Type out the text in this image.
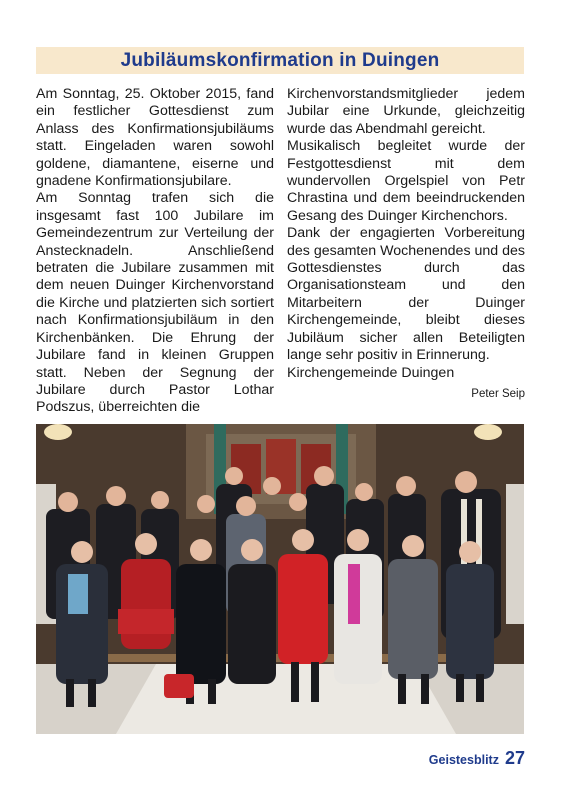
Jubiläumskonfirmation in Duingen

Am Sonntag, 25. Oktober 2015, fand ein festlicher Gottesdienst zum Anlass des Konfirmationsjubiläums statt. Eingeladen waren sowohl goldene, diamantene, eiserne und gnadene Konfirmationsjubilare.

Am Sonntag trafen sich die insgesamt fast 100 Jubilare im Gemeindezentrum zur Verteilung der Anstecknadeln. Anschließend betraten die Jubilare zusammen mit dem neuen Duinger Kirchenvorstand die Kirche und platzierten sich sortiert nach Konfirmationsjubiläum in den Kirchenbänken. Die Ehrung der Jubilare fand in kleinen Gruppen statt. Neben der Segnung der Jubilare durch Pastor Lothar Podszus, überreichten die

Kirchenvorstandsmitglieder jedem Jubilar eine Urkunde, gleichzeitig wurde das Abendmahl gereicht.

Musikalisch begleitet wurde der Festgottesdienst mit dem wundervollen Orgelspiel von Petr Chrastina und dem beeindruckenden Gesang des Duinger Kirchenchors.

Dank der engagierten Vorbereitung des gesamten Wochenendes und des Gottesdienstes durch das Organisationsteam und den Mitarbeitern der Duinger Kirchengemeinde, bleibt dieses Jubiläum sicher allen Beteiligten lange sehr positiv in Erinnerung.

Kirchengemeinde Duingen

Peter Seip
Geistesblitz 27
